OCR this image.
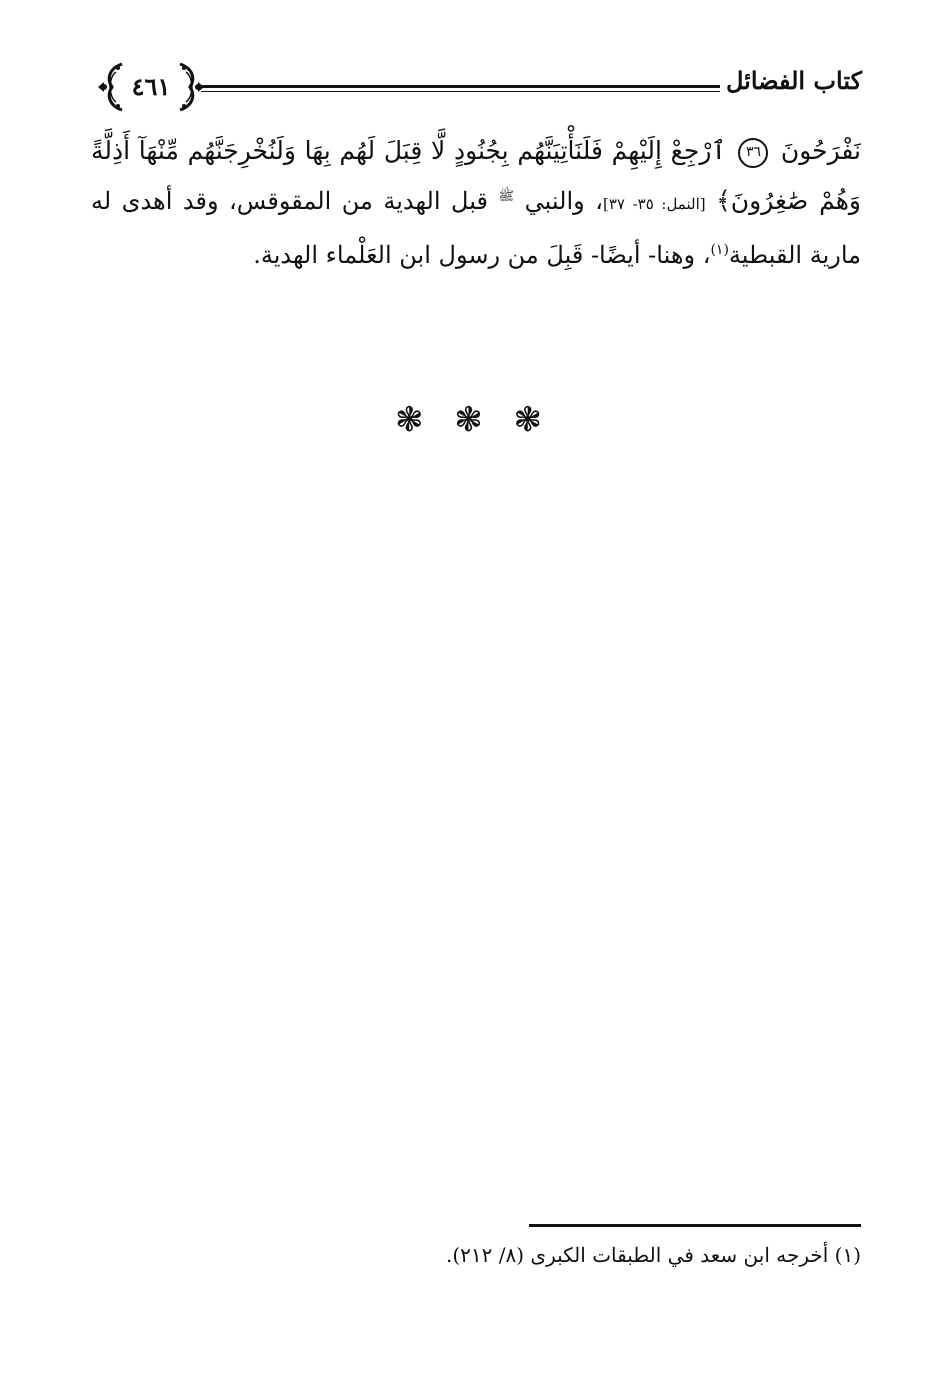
كتاب الفضائل
٤٦١

نَفْرَحُونَ ٣٦ ٱرْجِعْ إِلَيْهِمْ فَلَنَأْتِيَنَّهُم بِجُنُودٍ لَّا قِبَلَ لَهُم بِهَا وَلَنُخْرِجَنَّهُم مِّنْهَآ أَذِلَّةً وَهُمْ صَٰغِرُونَ﴾ [النمل: ٣٥- ٣٧]، والنبي $^ﷺ$ قبل الهدية من المقوقس، وقد أهدى له مارية القبطية$^{(١)}$، وهنا- أيضًا- قَبِلَ من رسول ابن العَلْماء الهدية.

❃ ❃ ❃
(١) أخرجه ابن سعد في الطبقات الكبرى (٨/ ٢١٢).
